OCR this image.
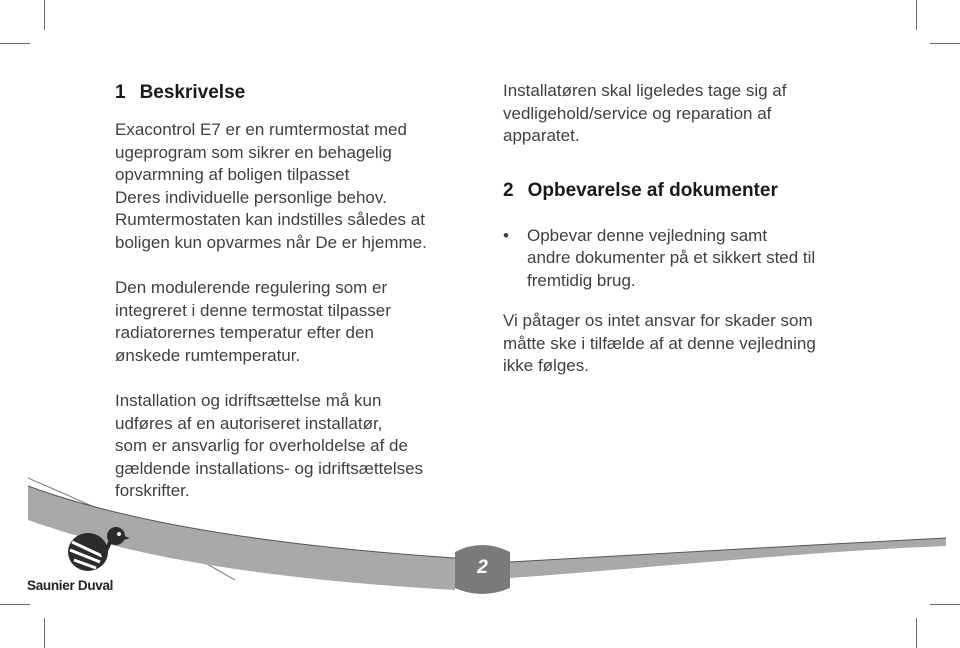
1 Beskrivelse

Exacontrol E7 er en rumtermostat med
ugeprogram som sikrer en behagelig
opvarmning af boligen tilpasset
Deres individuelle personlige behov.
Rumtermostaten kan indstilles således at
boligen kun opvarmes når De er hjemme.

Den modulerende regulering som er
integreret i denne termostat tilpasser
radiatorernes temperatur efter den
ønskede rumtemperatur.

Installation og idriftsættelse må kun
udføres af en autoriseret installatør,
som er ansvarlig for overholdelse af de
gældende installations- og idriftsættelses
forskrifter.

Installatøren skal ligeledes tage sig af
vedligehold/service og reparation af
apparatet.

2 Opbevarelse af dokumenter
•	Opbevar denne vejledning samt
andre dokumenter på et sikkert sted til
fremtidig brug.

Vi påtager os intet ansvar for skader som
måtte ske i tilfælde af at denne vejledning
ikke følges.

2
Saunier Duval
